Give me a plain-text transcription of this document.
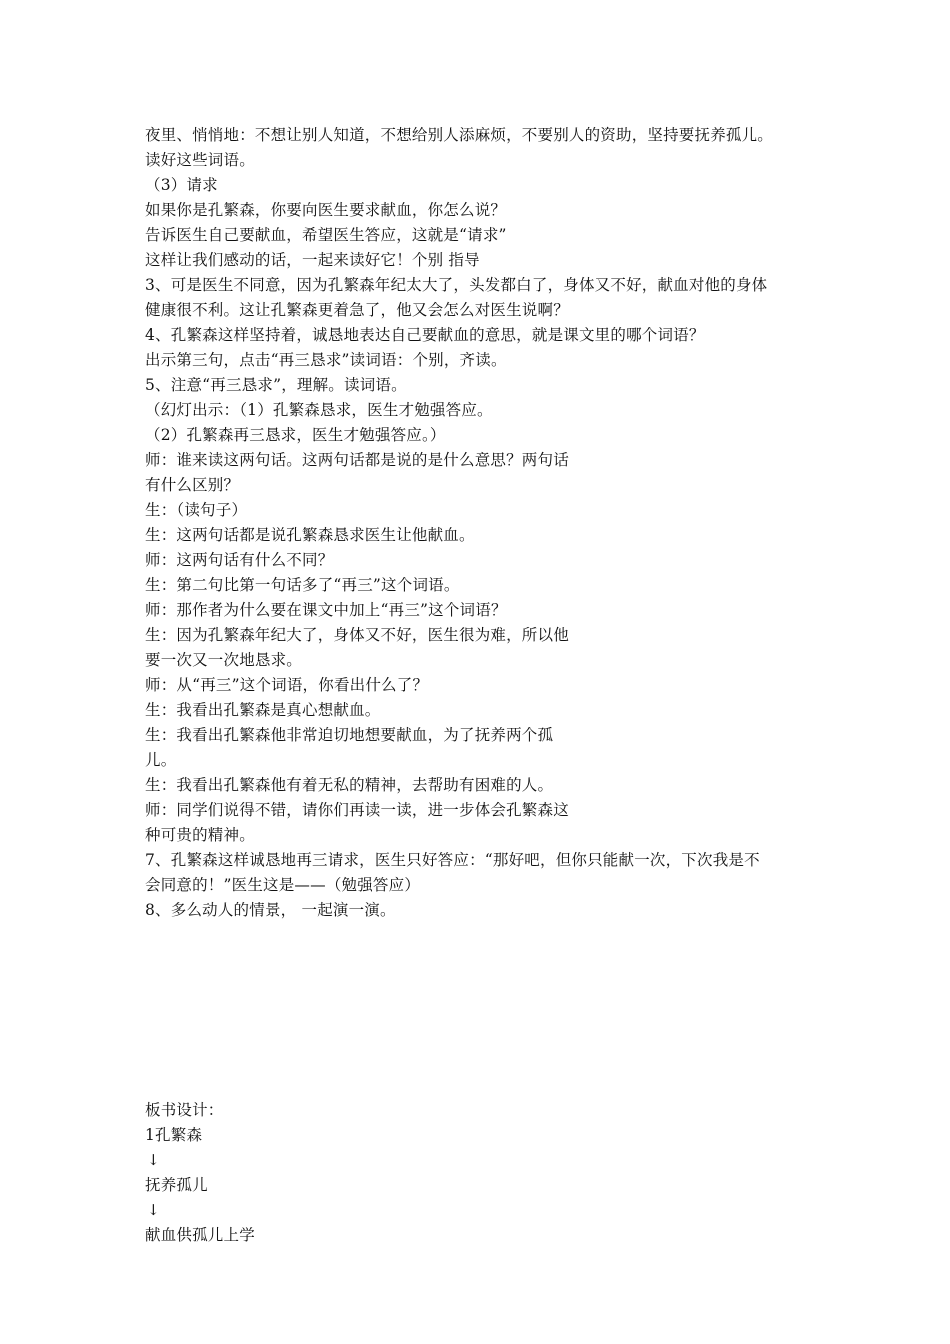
夜里、悄悄地：不想让别人知道，不想给别人添麻烦，不要别人的资助，坚持要抚养孤儿。
读好这些词语。
（3）请求
如果你是孔繁森，你要向医生要求献血，你怎么说？
告诉医生自己要献血，希望医生答应，这就是“请求”
这样让我们感动的话，一起来读好它！个别 指导
3、可是医生不同意，因为孔繁森年纪太大了，头发都白了，身体又不好，献血对他的身体
健康很不利。这让孔繁森更着急了，他又会怎么对医生说啊？
4、孔繁森这样坚持着，诚恳地表达自己要献血的意思，就是课文里的哪个词语？
出示第三句，点击“再三恳求”读词语：个别，齐读。
5、注意“再三恳求”，理解。读词语。
（幻灯出示：（1）孔繁森恳求，医生才勉强答应。
（2）孔繁森再三恳求，医生才勉强答应。）
师：谁来读这两句话。这两句话都是说的是什么意思？两句话
有什么区别？
生：（读句子）
生：这两句话都是说孔繁森恳求医生让他献血。
师：这两句话有什么不同？
生：第二句比第一句话多了“再三”这个词语。
师：那作者为什么要在课文中加上“再三”这个词语？
生：因为孔繁森年纪大了，身体又不好，医生很为难，所以他
要一次又一次地恳求。
师：从“再三”这个词语，你看出什么了？
生：我看出孔繁森是真心想献血。
生：我看出孔繁森他非常迫切地想要献血，为了抚养两个孤
儿。
生：我看出孔繁森他有着无私的精神，去帮助有困难的人。
师：同学们说得不错，请你们再读一读，进一步体会孔繁森这
种可贵的精神。
7、孔繁森这样诚恳地再三请求，医生只好答应：“那好吧，但你只能献一次，下次我是不
会同意的！”医生这是——（勉强答应）
8、多么动人的情景， 一起演一演。
板书设计：
1孔繁森
↓
抚养孤儿
↓
献血供孤儿上学
